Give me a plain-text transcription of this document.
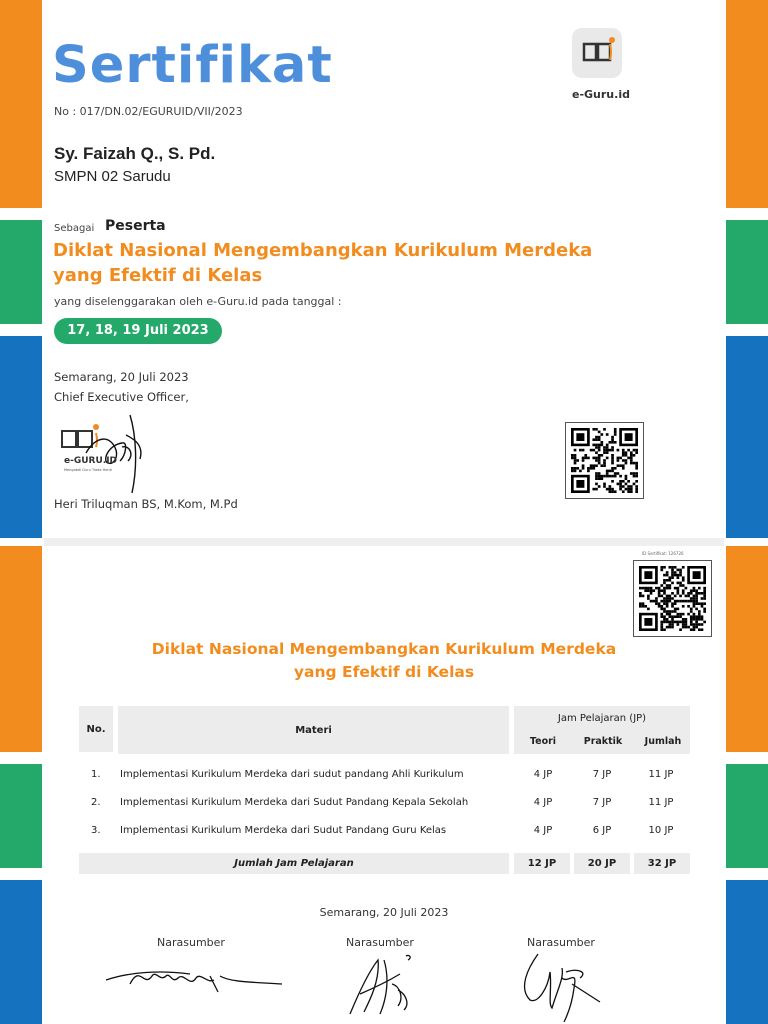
Sertifikat
No : 017/DN.02/EGURUID/VII/2023
e-Guru.id
Sy. Faizah Q., S. Pd.
SMPN 02 Sarudu
Sebagai Peserta
Diklat Nasional Mengembangkan Kurikulum Merdeka
yang Efektif di Kelas
yang diselenggarakan oleh e-Guru.id pada tanggal :
17, 18, 19 Juli 2023
Semarang, 20 Juli 2023
Chief Executive Officer,
e-GURU.ID
Mengabdi Guru Tiada Henti
Heri Triluqman BS, M.Kom, M.Pd
ID Sertifikat: 126726
Diklat Nasional Mengembangkan Kurikulum Merdeka
yang Efektif di Kelas
No.	Materi
Jam Pelajaran (JP)
Teori	Praktik	Jumlah
1. Implementasi Kurikulum Merdeka dari sudut pandang Ahli Kurikulum	4 JP	7 JP	11 JP
2. Implementasi Kurikulum Merdeka dari Sudut Pandang Kepala Sekolah	4 JP	7 JP	11 JP
3. Implementasi Kurikulum Merdeka dari Sudut Pandang Guru Kelas	4 JP	6 JP	10 JP
Jumlah Jam Pelajaran	12 JP	20 JP	32 JP
Semarang, 20 Juli 2023
Narasumber	Narasumber	Narasumber
